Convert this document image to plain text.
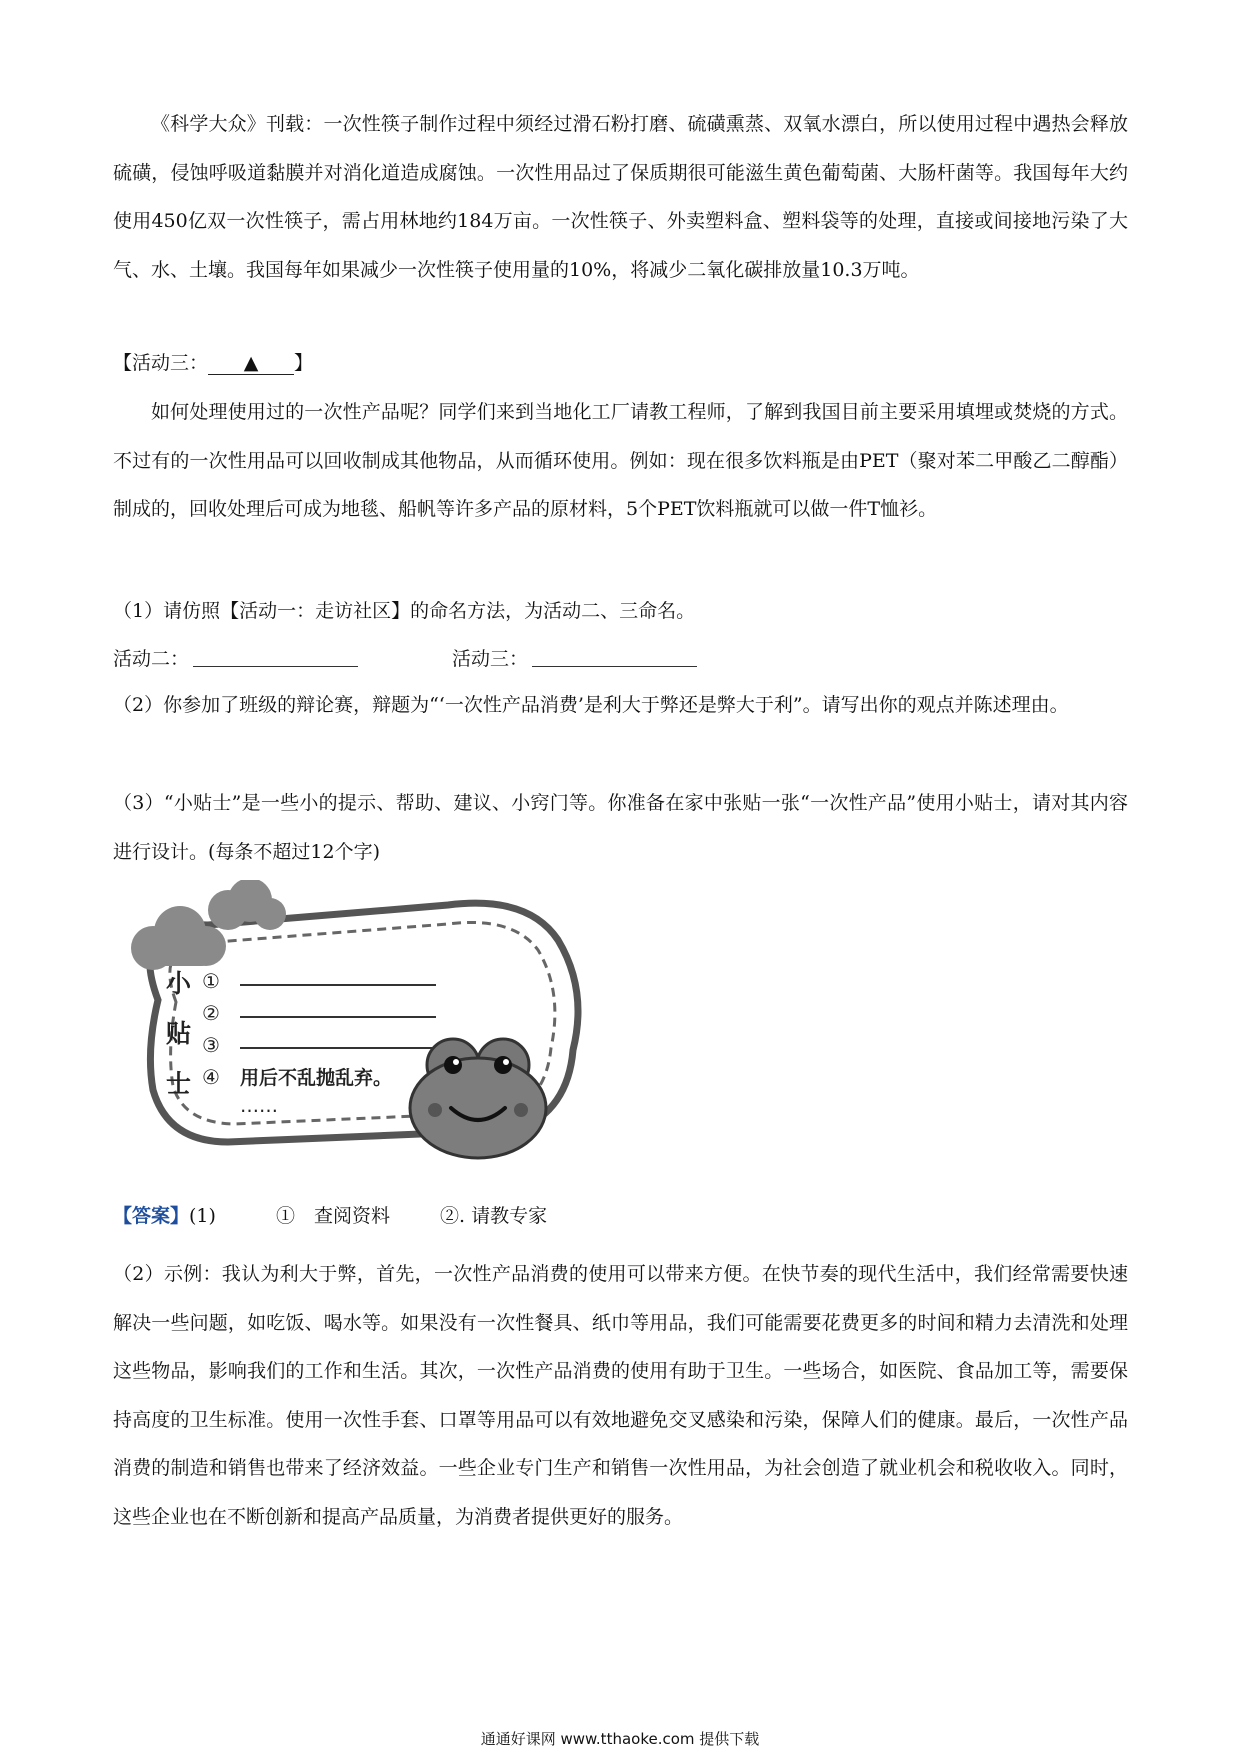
《科学大众》刊载：一次性筷子制作过程中须经过滑石粉打磨、硫磺熏蒸、双氧水漂白，所以使用过程中遇热会释放硫磺，侵蚀呼吸道黏膜并对消化道造成腐蚀。一次性用品过了保质期很可能滋生黄色葡萄菌、大肠杆菌等。我国每年大约使用450亿双一次性筷子，需占用林地约184万亩。一次性筷子、外卖塑料盒、塑料袋等的处理，直接或间接地污染了大气、水、土壤。我国每年如果减少一次性筷子使用量的10%，将减少二氧化碳排放量10.3万吨。

【活动三： ▲ 】

如何处理使用过的一次性产品呢？同学们来到当地化工厂请教工程师，了解到我国目前主要采用填埋或焚烧的方式。不过有的一次性用品可以回收制成其他物品，从而循环使用。例如：现在很多饮料瓶是由PET（聚对苯二甲酸乙二醇酯）制成的，回收处理后可成为地毯、船帆等许多产品的原材料，5个PET饮料瓶就可以做一件T恤衫。

（1）请仿照【活动一：走访社区】的命名方法，为活动二、三命名。

活动二：	活动三：

（2）你参加了班级的辩论赛，辩题为“‘一次性产品消费’是利大于弊还是弊大于利”。请写出你的观点并陈述理由。

（3）“小贴士”是一些小的提示、帮助、建议、小窍门等。你准备在家中张贴一张“一次性产品”使用小贴士，请对其内容进行设计。(每条不超过12个字)

小
贴
士
①
②
③
④ 用后不乱抛乱弃。
……
【答案】(1)	①　查阅资料	②. 请教专家

（2）示例：我认为利大于弊，首先，一次性产品消费的使用可以带来方便。在快节奏的现代生活中，我们经常需要快速解决一些问题，如吃饭、喝水等。如果没有一次性餐具、纸巾等用品，我们可能需要花费更多的时间和精力去清洗和处理这些物品，影响我们的工作和生活。其次，一次性产品消费的使用有助于卫生。一些场合，如医院、食品加工等，需要保持高度的卫生标准。使用一次性手套、口罩等用品可以有效地避免交叉感染和污染，保障人们的健康。最后，一次性产品消费的制造和销售也带来了经济效益。一些企业专门生产和销售一次性用品，为社会创造了就业机会和税收收入。同时，这些企业也在不断创新和提高产品质量，为消费者提供更好的服务。

通通好课网 www.tthaoke.com 提供下载
